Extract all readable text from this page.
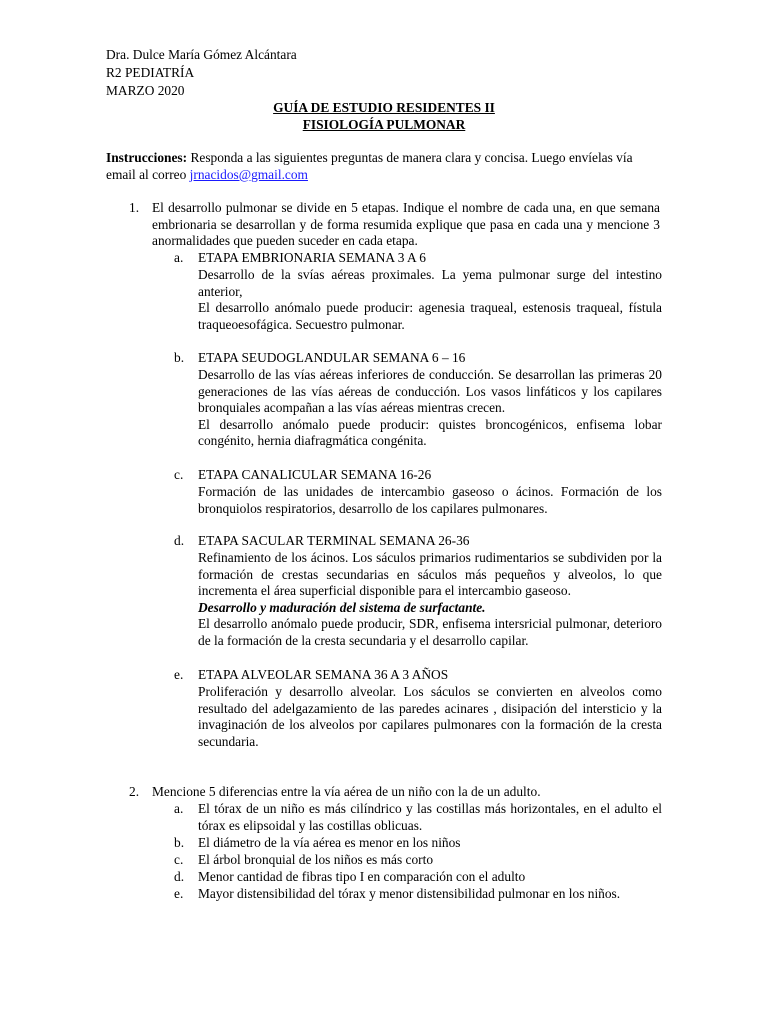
Dra. Dulce María Gómez Alcántara
R2 PEDIATRÍA
MARZO 2020
GUÍA DE ESTUDIO RESIDENTES II
FISIOLOGÍA PULMONAR
Instrucciones: Responda a las siguientes preguntas de manera clara y concisa. Luego envíelas vía email al correo jrnacidos@gmail.com
1. El desarrollo pulmonar se divide en 5 etapas. Indique el nombre de cada una, en que semana embrionaria se desarrollan y de forma resumida explique que pasa en cada una y mencione 3 anormalidades que pueden suceder en cada etapa.
a. ETAPA EMBRIONARIA SEMANA 3 A 6
Desarrollo de la svías aéreas proximales. La yema pulmonar surge del intestino anterior,
El desarrollo anómalo puede producir: agenesia traqueal, estenosis traqueal, fístula traqueoesofágica. Secuestro pulmonar.
b. ETAPA SEUDOGLANDULAR SEMANA 6 – 16
Desarrollo de las vías aéreas inferiores de conducción. Se desarrollan las primeras 20 generaciones de las vías aéreas de conducción. Los vasos linfáticos y los capilares bronquiales acompañan a las vías aéreas mientras crecen.
El desarrollo anómalo puede producir: quistes broncogénicos, enfisema lobar congénito, hernia diafragmática congénita.
c. ETAPA CANALICULAR SEMANA 16-26
Formación de las unidades de intercambio gaseoso o ácinos. Formación de los bronquiolos respiratorios, desarrollo de los capilares pulmonares.
d. ETAPA SACULAR TERMINAL SEMANA 26-36
Refinamiento de los ácinos. Los sáculos primarios rudimentarios se subdividen por la formación de crestas secundarias en sáculos más pequeños y alveolos, lo que incrementa el área superficial disponible para el intercambio gaseoso.
Desarrollo y maduración del sistema de surfactante.
El desarrollo anómalo puede producir, SDR, enfisema intersricial pulmonar, deterioro de la formación de la cresta secundaria y el desarrollo capilar.
e. ETAPA ALVEOLAR SEMANA 36 A 3 AÑOS
Proliferación y desarrollo alveolar. Los sáculos se convierten en alveolos como resultado del adelgazamiento de las paredes acinares , disipación del intersticio y la invaginación de los alveolos por capilares pulmonares con la formación de la cresta secundaria.
2. Mencione 5 diferencias entre la vía aérea de un niño con la de un adulto.
a. El tórax de un niño es más cilíndrico y las costillas más horizontales, en el adulto el tórax es elipsoidal y las costillas oblicuas.
b. El diámetro de la vía aérea es menor en los niños
c. El árbol bronquial de los niños es más corto
d. Menor cantidad de fibras tipo I en comparación con el adulto
e. Mayor distensibilidad del tórax y menor distensibilidad pulmonar en los niños.
